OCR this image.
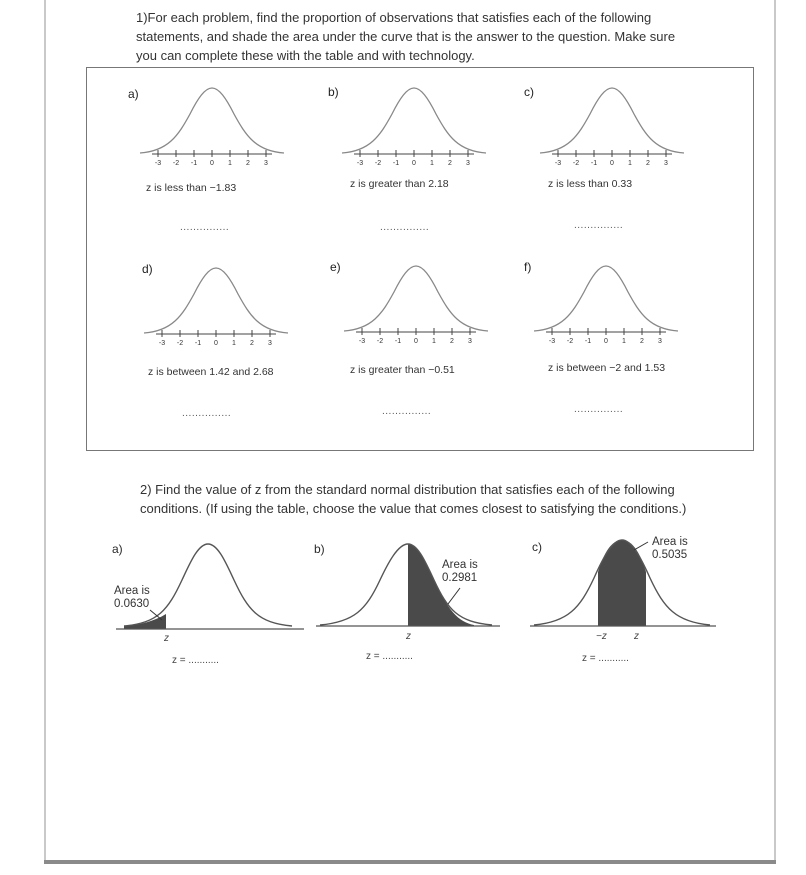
1)For each problem, find the proportion of observations that satisfies each of the following statements, and shade the area under the curve that is the answer to the question. Make sure you can complete these with the table and with technology.
a)
-3 -2 -1 0 1 2 3
z is less than −1.83
...............
b)
-3 -2 -1 0 1 2 3
z is greater than 2.18
...............
c)
-3 -2 -1 0 1 2 3
z is less than 0.33
...............
d)
-3 -2 -1 0 1 2 3
z is between 1.42 and 2.68
...............
e)
-3 -2 -1 0 1 2 3
z is greater than −0.51
...............
f)
-3 -2 -1 0 1 2 3
z is between −2 and 1.53
...............
2) Find the value of z from the standard normal distribution that satisfies each of the following conditions. (If using the table, choose the value that comes closest to satisfying the conditions.)
a)
Area is
0.0630
z
z = ...........
b)
Area is
0.2981
z
z = ...........
c)	Area is
0.5035
−z	z
z = ...........
